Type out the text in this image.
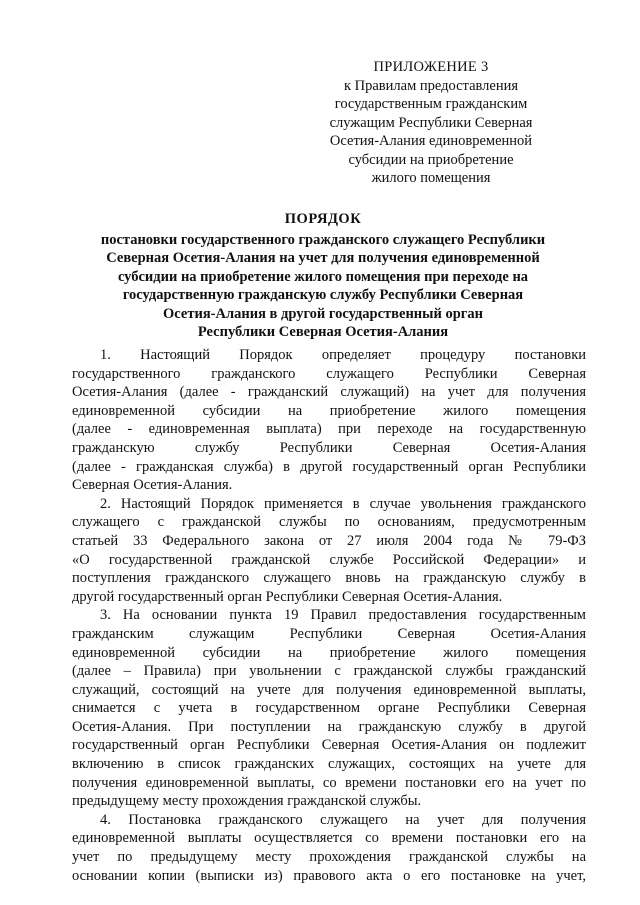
ПРИЛОЖЕНИЕ 3
к Правилам предоставления
государственным гражданским
служащим Республики Северная
Осетия-Алания единовременной
субсидии на приобретение
жилого помещения
ПОРЯДОК
постановки государственного гражданского служащего Республики
Северная Осетия-Алания на учет для получения единовременной
субсидии на приобретение жилого помещения при переходе на
государственную гражданскую службу Республики Северная
Осетия-Алания в другой государственный орган
Республики Северная Осетия-Алания
1. Настоящий Порядок определяет процедуру постановки
государственного гражданского служащего Республики Северная
Осетия-Алания (далее - гражданский служащий) на учет для получения
единовременной субсидии на приобретение жилого помещения
(далее - единовременная выплата) при переходе на государственную
гражданскую службу Республики Северная Осетия-Алания
(далее - гражданская служба) в другой государственный орган Республики
Северная Осетия-Алания.
2. Настоящий Порядок применяется в случае увольнения гражданского
служащего с гражданской службы по основаниям, предусмотренным
статьей 33 Федерального закона от 27 июля 2004 года № 79-ФЗ
«О государственной гражданской службе Российской Федерации» и
поступления гражданского служащего вновь на гражданскую службу в
другой государственный орган Республики Северная Осетия-Алания.
3. На основании пункта 19 Правил предоставления государственным
гражданским служащим Республики Северная Осетия-Алания
единовременной субсидии на приобретение жилого помещения
(далее – Правила) при увольнении с гражданской службы гражданский
служащий, состоящий на учете для получения единовременной выплаты,
снимается с учета в государственном органе Республики Северная
Осетия-Алания. При поступлении на гражданскую службу в другой
государственный орган Республики Северная Осетия-Алания он подлежит
включению в список гражданских служащих, состоящих на учете для
получения единовременной выплаты, со времени постановки его на учет по
предыдущему месту прохождения гражданской службы.
4. Постановка гражданского служащего на учет для получения
единовременной выплаты осуществляется со времени постановки его на
учет по предыдущему месту прохождения гражданской службы на
основании копии (выписки из) правового акта о его постановке на учет,
